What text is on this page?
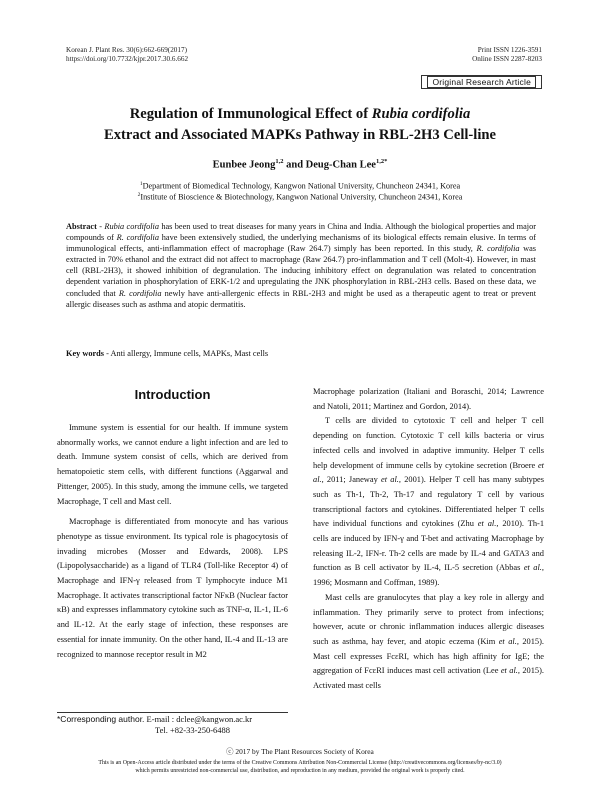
Korean J. Plant Res. 30(6):662-669(2017)
https://doi.org/10.7732/kjpr.2017.30.6.662
Print ISSN 1226-3591
Online ISSN 2287-8203
Original Research Article
Regulation of Immunological Effect of Rubia cordifolia
Extract and Associated MAPKs Pathway in RBL-2H3 Cell-line
Eunbee Jeong$^{1,2}$ and Deug-Chan Lee$^{1,2*}$
$^1$Department of Biomedical Technology, Kangwon National University, Chuncheon 24341, Korea
$^2$Institute of Bioscience & Biotechnology, Kangwon National University, Chuncheon 24341, Korea
Abstract - Rubia cordifolia has been used to treat diseases for many years in China and India. Although the biological properties and major compounds of R. cordifolia have been extensively studied, the underlying mechanisms of its biological effects remain elusive. In terms of immunological effects, anti-inflammation effect of macrophage (Raw 264.7) simply has been reported. In this study, R. cordifolia was extracted in 70% ethanol and the extract did not affect to macrophage (Raw 264.7) pro-inflammation and T cell (Molt-4). However, in mast cell (RBL-2H3), it showed inhibition of degranulation. The inducing inhibitory effect on degranulation was related to concentration dependent variation in phosphorylation of ERK-1/2 and upregulating the JNK phosphorylation in RBL-2H3 cells. Based on these data, we concluded that R. cordifolia newly have anti-allergenic effects in RBL-2H3 and might be used as a therapeutic agent to treat or prevent allergic diseases such as asthma and atopic dermatitis.
Key words - Anti allergy, Immune cells, MAPKs, Mast cells
Introduction

Immune system is essential for our health. If immune system abnormally works, we cannot endure a light infection and are led to death. Immune system consist of cells, which are derived from hematopoietic stem cells, with different functions (Aggarwal and Pittenger, 2005). In this study, among the immune cells, we targeted Macrophage, T cell and Mast cell.

Macrophage is differentiated from monocyte and has various phenotype as tissue environment. Its typical role is phagocytosis of invading microbes (Mosser and Edwards, 2008). LPS (Lipopolysaccharide) as a ligand of TLR4 (Toll-like Receptor 4) of Macrophage and IFN-γ released from T lymphocyte induce M1 Macrophage. It activates transcriptional factor NFκB (Nuclear factor κB) and expresses inflammatory cytokine such as TNF-α, IL-1, IL-6 and IL-12. At the early stage of infection, these responses are essential for innate immunity. On the other hand, IL-4 and IL-13 are recognized to mannose receptor result in M2

Macrophage polarization (Italiani and Boraschi, 2014; Lawrence and Natoli, 2011; Martinez and Gordon, 2014).

T cells are divided to cytotoxic T cell and helper T cell depending on function. Cytotoxic T cell kills bacteria or virus infected cells and involved in adaptive immunity. Helper T cells help development of immune cells by cytokine secretion (Broere et al., 2011; Janeway et al., 2001). Helper T cell has many subtypes such as Th-1, Th-2, Th-17 and regulatory T cell by various transcriptional factors and cytokines. Differentiated helper T cells have individual functions and cytokines (Zhu et al., 2010). Th-1 cells are induced by IFN-γ and T-bet and activating Macrophage by releasing IL-2, IFN-r. Th-2 cells are made by IL-4 and GATA3 and function as B cell activator by IL-4, IL-5 secretion (Abbas et al., 1996; Mosmann and Coffman, 1989).

Mast cells are granulocytes that play a key role in allergy and inflammation. They primarily serve to protect from infections; however, acute or chronic inflammation induces allergic diseases such as asthma, hay fever, and atopic eczema (Kim et al., 2015). Mast cell expresses FcεRI, which has high affinity for IgE; the aggregation of FcεRI induces mast cell activation (Lee et al., 2015). Activated mast cells

*Corresponding author. E-mail : dclee@kangwon.ac.kr
Tel. +82-33-250-6488
ⓒ 2017 by The Plant Resources Society of Korea
This is an Open-Access article distributed under the terms of the Creative Commons Attribution Non-Commercial License (http://creativecommons.org/licenses/by-nc/3.0)
which permits unrestricted non-commercial use, distribution, and reproduction in any medium, provided the original work is properly cited.
